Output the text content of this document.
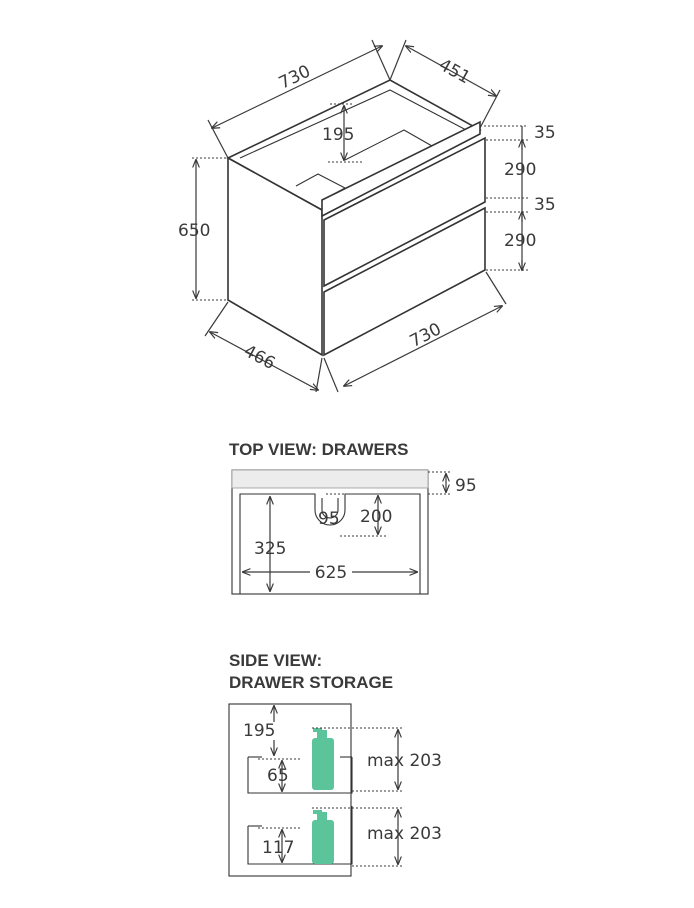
730	451
35
290
35
290
650
195
466
730
TOP VIEW: DRAWERS
95
200
95
325
625
SIDE VIEW:
DRAWER STORAGE
195
65
117
max 203
max 203
